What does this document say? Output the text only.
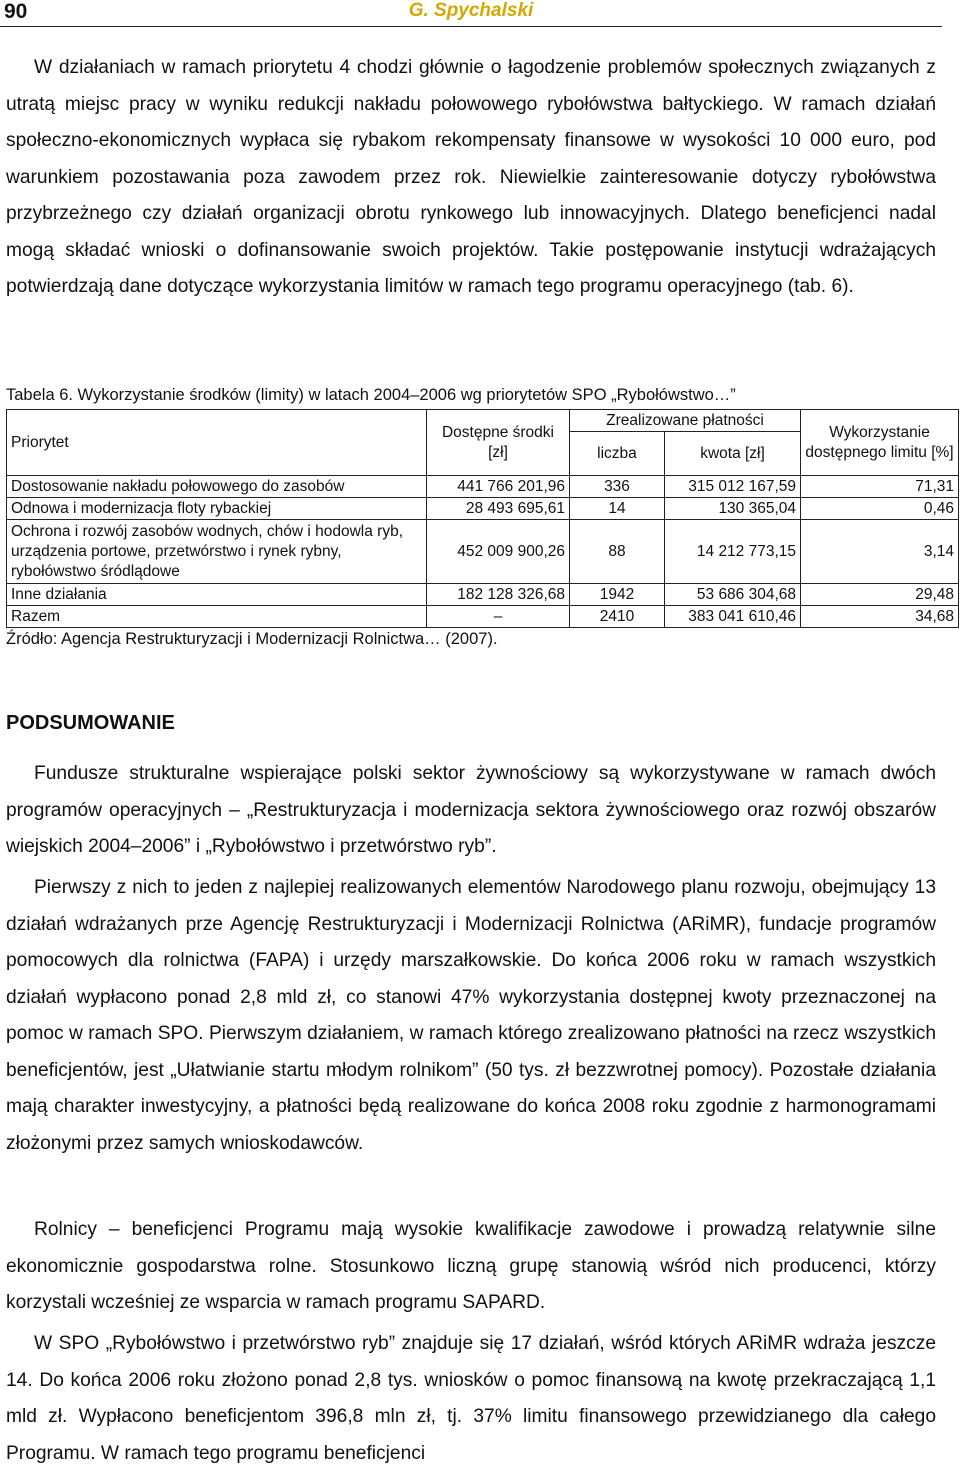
90	G. Spychalski

W działaniach w ramach priorytetu 4 chodzi głównie o łagodzenie problemów społecznych związanych z utratą miejsc pracy w wyniku redukcji nakładu połowowego rybołówstwa bałtyckiego. W ramach działań społeczno-ekonomicznych wypłaca się rybakom rekompensaty finansowe w wysokości 10 000 euro, pod warunkiem pozostawania poza zawodem przez rok. Niewielkie zainteresowanie dotyczy rybołówstwa przybrzeżnego czy działań organizacji obrotu rynkowego lub innowacyjnych. Dlatego beneficjenci nadal mogą składać wnioski o dofinansowanie swoich projektów. Takie postępowanie instytucji wdrażających potwierdzają dane dotyczące wykorzystania limitów w ramach tego programu operacyjnego (tab. 6).

Tabela 6. Wykorzystanie środków (limity) w latach 2004–2006 wg priorytetów SPO „Rybołówstwo…”
Priorytet	Dostępne środki [zł]	Zrealizowane płatności		Wykorzystanie dostępnego limitu [%]
		liczba	kwota [zł]	
Dostosowanie nakładu połowowego do zasobów	441 766 201,96	336	315 012 167,59	71,31
Odnowa i modernizacja floty rybackiej	28 493 695,61	14	130 365,04	0,46
Ochrona i rozwój zasobów wodnych, chów i hodowla ryb, urządzenia portowe, przetwórstwo i rynek rybny, rybołówstwo śródlądowe	452 009 900,26	88	14 212 773,15	3,14
Inne działania	182 128 326,68	1942	53 686 304,68	29,48
Razem	–	2410	383 041 610,46	34,68
Źródło: Agencja Restrukturyzacji i Modernizacji Rolnictwa… (2007).
PODSUMOWANIE

Fundusze strukturalne wspierające polski sektor żywnościowy są wykorzystywane w ramach dwóch programów operacyjnych – „Restrukturyzacja i modernizacja sektora żywnościowego oraz rozwój obszarów wiejskich 2004–2006” i „Rybołówstwo i przetwórstwo ryb”.

Pierwszy z nich to jeden z najlepiej realizowanych elementów Narodowego planu rozwoju, obejmujący 13 działań wdrażanych prze Agencję Restrukturyzacji i Modernizacji Rolnictwa (ARiMR), fundacje programów pomocowych dla rolnictwa (FAPA) i urzędy marszałkowskie. Do końca 2006 roku w ramach wszystkich działań wypłacono ponad 2,8 mld zł, co stanowi 47% wykorzystania dostępnej kwoty przeznaczonej na pomoc w ramach SPO. Pierwszym działaniem, w ramach którego zrealizowano płatności na rzecz wszystkich beneficjentów, jest „Ułatwianie startu młodym rolnikom” (50 tys. zł bezzwrotnej pomocy). Pozostałe działania mają charakter inwestycyjny, a płatności będą realizowane do końca 2008 roku zgodnie z harmonogramami złożonymi przez samych wnioskodawców.

Rolnicy – beneficjenci Programu mają wysokie kwalifikacje zawodowe i prowadzą relatywnie silne ekonomicznie gospodarstwa rolne. Stosunkowo liczną grupę stanowią wśród nich producenci, którzy korzystali wcześniej ze wsparcia w ramach programu SAPARD.

W SPO „Rybołówstwo i przetwórstwo ryb” znajduje się 17 działań, wśród których ARiMR wdraża jeszcze 14. Do końca 2006 roku złożono ponad 2,8 tys. wniosków o pomoc finansową na kwotę przekraczającą 1,1 mld zł. Wypłacono beneficjentom 396,8 mln zł, tj. 37% limitu finansowego przewidzianego dla całego Programu. W ramach tego programu beneficjenci
